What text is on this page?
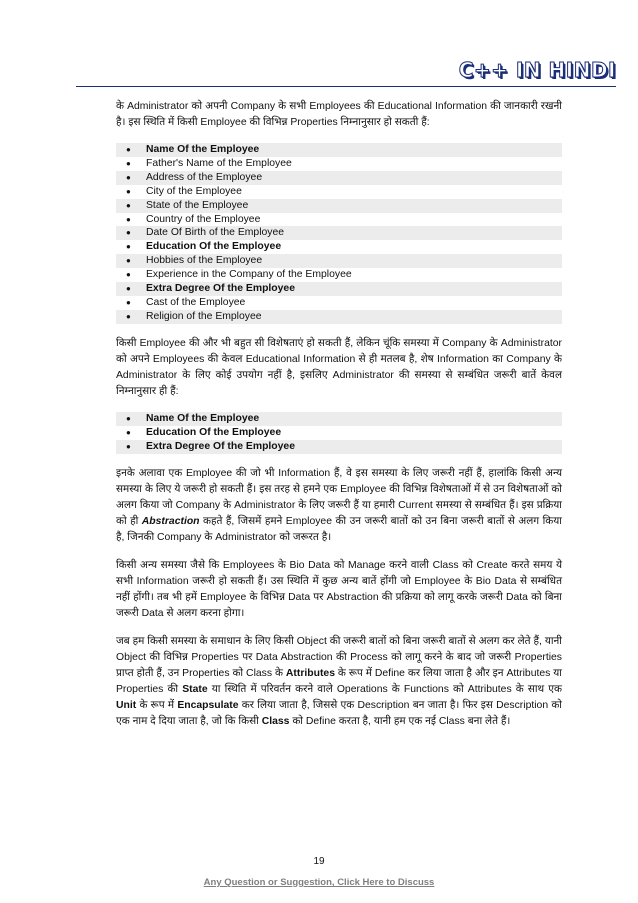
C++ IN HINDI

के Administrator को अपनी Company के सभी Employees की Educational Information की जानकारी रखनी है। इस स्थिति में किसी Employee की विभिन्न Properties निम्नानुसार हो सकती हैं:

● Name Of the Employee
● Father's Name of the Employee
● Address of the Employee
● City of the Employee
● State of the Employee
● Country of the Employee
● Date Of Birth of the Employee
● Education Of the Employee
● Hobbies of the Employee
● Experience in the Company of the Employee
● Extra Degree Of the Employee
● Cast of the Employee
● Religion of the Employee

किसी Employee की और भी बहुत सी विशेषताएं हो सकती हैं, लेकिन चूंकि समस्या में Company के Administrator को अपने Employees की केवल Educational Information से ही मतलब है, शेष Information का Company के Administrator के लिए कोई उपयोग नहीं है, इसलिए Administrator की समस्या से सम्बंधित जरूरी बातें केवल निम्नानुसार ही हैं:

● Name Of the Employee
● Education Of the Employee
● Extra Degree Of the Employee

इनके अलावा एक Employee की जो भी Information हैं, वे इस समस्या के लिए जरूरी नहीं हैं, हालांकि किसी अन्य समस्या के लिए ये जरूरी हो सकती हैं। इस तरह से हमने एक Employee की विभिन्न विशेषताओं में से उन विशेषताओं को अलग किया जो Company के Administrator के लिए जरूरी हैं या हमारी Current समस्या से सम्बंधित हैं। इस प्रक्रिया को ही Abstraction कहते हैं, जिसमें हमने Employee की उन जरूरी बातों को उन बिना जरूरी बातों से अलग किया है, जिनकी Company के Administrator को जरूरत है।

किसी अन्य समस्या जैसे कि Employees के Bio Data को Manage करने वाली Class को Create करते समय ये सभी Information जरूरी हो सकती हैं। उस स्थिति में कुछ अन्य बातें होंगी जो Employee के Bio Data से सम्बंधित नहीं होंगी। तब भी हमें Employee के विभिन्न Data पर Abstraction की प्रक्रिया को लागू करके जरूरी Data को बिना जरूरी Data से अलग करना होगा।

जब हम किसी समस्या के समाधान के लिए किसी Object की जरूरी बातों को बिना जरूरी बातों से अलग कर लेते हैं, यानी Object की विभिन्न Properties पर Data Abstraction की Process को लागू करने के बाद जो जरूरी Properties प्राप्त होती हैं, उन Properties को Class के Attributes के रूप में Define कर लिया जाता है और इन Attributes या Properties की State या स्थिति में परिवर्तन करने वाले Operations के Functions को Attributes के साथ एक Unit के रूप में Encapsulate कर लिया जाता है, जिससे एक Description बन जाता है। फिर इस Description को एक नाम दे दिया जाता है, जो कि किसी Class को Define करता है, यानी हम एक नई Class बना लेते हैं।

19
Any Question or Suggestion, Click Here to Discuss
